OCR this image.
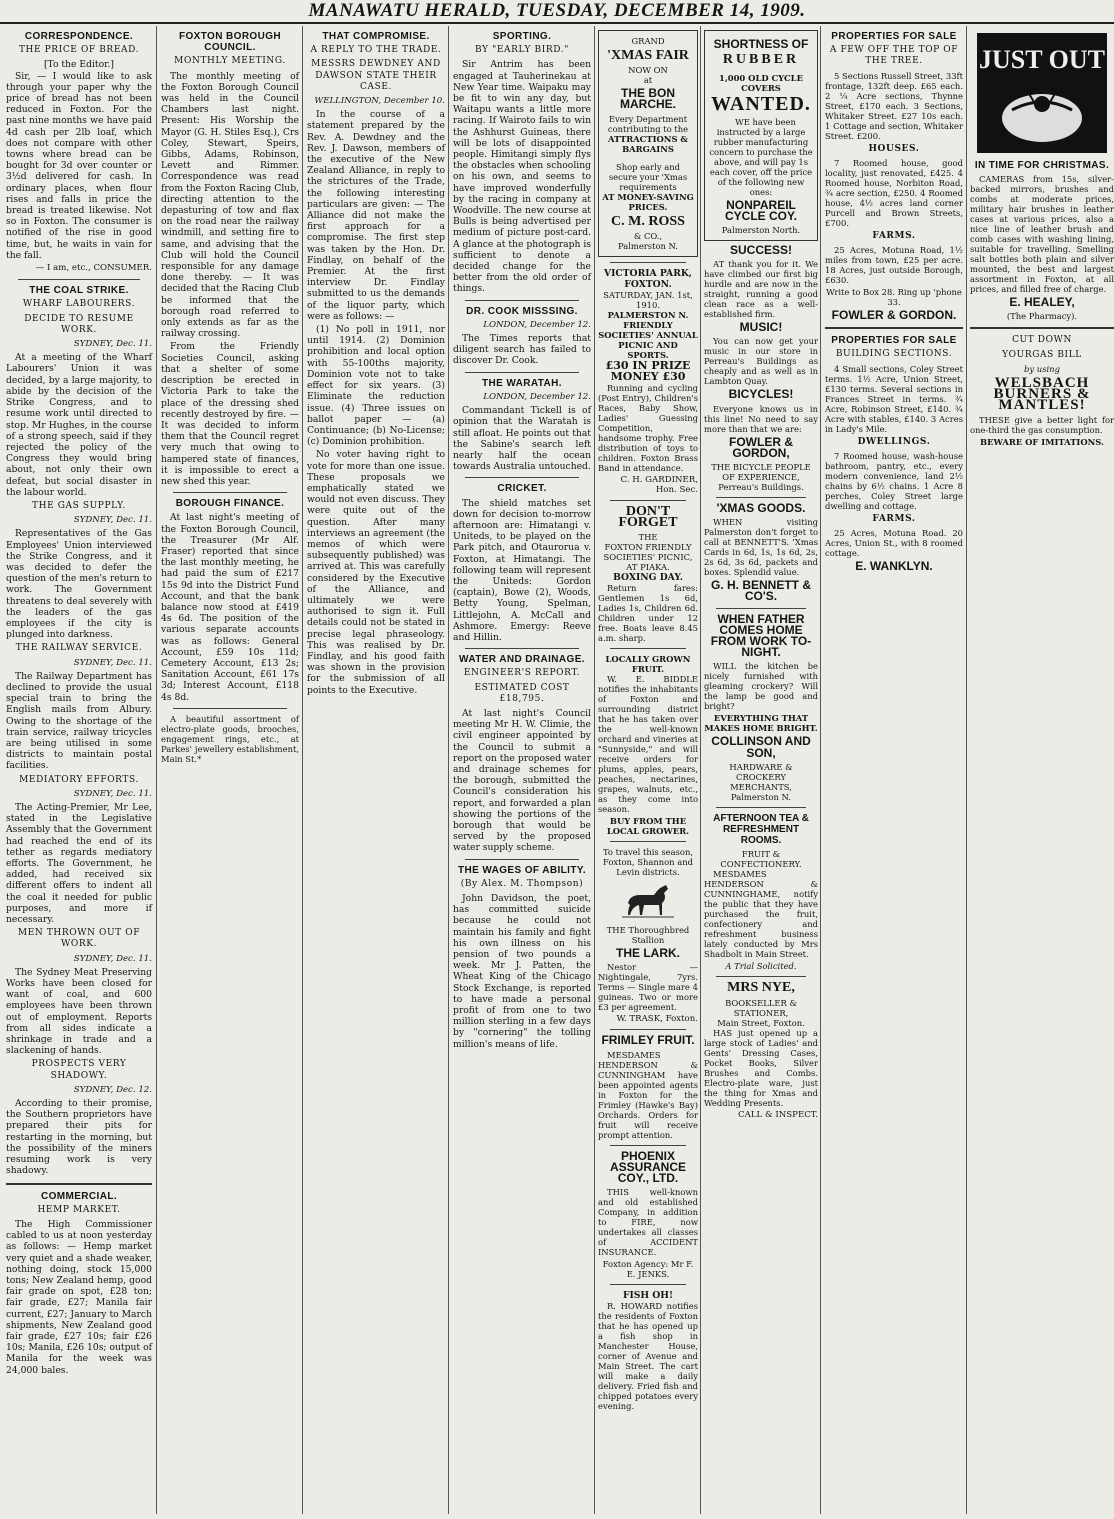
MANAWATU HERALD, TUESDAY, DECEMBER 14, 1909.
CORRESPONDENCE.
THE PRICE OF BREAD.
[To the Editor.]

Sir, — I would like to ask through your paper why the price of bread has not been reduced in Foxton. For the past nine months we have paid 4d cash per 2lb loaf, which does not compare with other towns where bread can be bought for 3d over counter or 3½d delivered for cash. In ordinary places, when flour rises and falls in price the bread is treated likewise. Not so in Foxton. The consumer is notified of the rise in good time, but, he waits in vain for the fall.

— I am, etc., CONSUMER.
THE COAL STRIKE.
WHARF LABOURERS.
DECIDE TO RESUME WORK.
SYDNEY, Dec. 11.

At a meeting of the Wharf Labourers' Union it was decided, by a large majority, to abide by the decision of the Strike Congress, and to resume work until directed to stop. Mr Hughes, in the course of a strong speech, said if they rejected the policy of the Congress they would bring about, not only their own defeat, but social disaster in the labour world.

THE GAS SUPPLY.
SYDNEY, Dec. 11.

Representatives of the Gas Employees' Union interviewed the Strike Congress, and it was decided to defer the question of the men's return to work. The Government threatens to deal severely with the leaders of the gas employees if the city is plunged into darkness.

THE RAILWAY SERVICE.
SYDNEY, Dec. 11.

The Railway Department has declined to provide the usual special train to bring the English mails from Albury. Owing to the shortage of the train service, railway tricycles are being utilised in some districts to maintain postal facilities.

MEDIATORY EFFORTS.
SYDNEY, Dec. 11.

The Acting-Premier, Mr Lee, stated in the Legislative Assembly that the Government had reached the end of its tether as regards mediatory efforts. The Government, he added, had received six different offers to indent all the coal it needed for public purposes, and more if necessary.

MEN THROWN OUT OF WORK.
SYDNEY, Dec. 11.

The Sydney Meat Preserving Works have been closed for want of coal, and 600 employees have been thrown out of employment. Reports from all sides indicate a shrinkage in trade and a slackening of hands.

PROSPECTS VERY SHADOWY.
SYDNEY, Dec. 12.

According to their promise, the Southern proprietors have prepared their pits for restarting in the morning, but the possibility of the miners resuming work is very shadowy.

COMMERCIAL.
HEMP MARKET.

The High Commissioner cabled to us at noon yesterday as follows: — Hemp market very quiet and a shade weaker, nothing doing, stock 15,000 tons; New Zealand hemp, good fair grade on spot, £28 ton; fair grade, £27; Manila fair current, £27; January to March shipments, New Zealand good fair grade, £27 10s; fair £26 10s; Manila, £26 10s; output of Manila for the week was 24,000 bales.

FOXTON BOROUGH COUNCIL.
MONTHLY MEETING.

The monthly meeting of the Foxton Borough Council was held in the Council Chambers last night. Present: His Worship the Mayor (G. H. Stiles Esq.), Crs Coley, Stewart, Speirs, Gibbs, Adams, Robinson, Levett and Rimmer. Correspondence was read from the Foxton Racing Club, directing attention to the depasturing of tow and flax on the road near the railway windmill, and setting fire to same, and advising that the Club will hold the Council responsible for any damage done thereby. — It was decided that the Racing Club be informed that the borough road referred to only extends as far as the railway crossing.

From the Friendly Societies Council, asking that a shelter of some description be erected in Victoria Park to take the place of the dressing shed recently destroyed by fire. — It was decided to inform them that the Council regret very much that owing to hampered state of finances, it is impossible to erect a new shed this year.

BOROUGH FINANCE.

At last night's meeting of the Foxton Borough Council, the Treasurer (Mr Alf. Fraser) reported that since the last monthly meeting, he had paid the sum of £217 15s 9d into the District Fund Account, and that the bank balance now stood at £419 4s 6d. The position of the various separate accounts was as follows: General Account, £59 10s 11d; Cemetery Account, £13 2s; Sanitation Account, £61 17s 3d; Interest Account, £118 4s 8d.

A beautiful assortment of electro-plate goods, brooches, engagement rings, etc., at Parkes' jewellery establishment, Main St.*

THAT COMPROMISE.
A REPLY TO THE TRADE.
MESSRS DEWDNEY AND DAWSON STATE THEIR CASE.
WELLINGTON, December 10.

In the course of a statement prepared by the Rev. A. Dewdney and the Rev. J. Dawson, members of the executive of the New Zealand Alliance, in reply to the strictures of the Trade, the following interesting particulars are given: — The Alliance did not make the first approach for a compromise. The first step was taken by the Hon. Dr. Findlay, on behalf of the Premier. At the first interview Dr. Findlay submitted to us the demands of the liquor party, which were as follows: —

(1) No poll in 1911, nor until 1914. (2) Dominion prohibition and local option with 55-100ths majority, Dominion vote not to take effect for six years. (3) Eliminate the reduction issue. (4) Three issues on ballot paper — (a) Continuance; (b) No-License; (c) Dominion prohibition.

No voter having right to vote for more than one issue. These proposals we emphatically stated we would not even discuss. They were quite out of the question. After many interviews an agreement (the memos of which were subsequently published) was arrived at. This was carefully considered by the Executive of the Alliance, and ultimately we were authorised to sign it. Full details could not be stated in precise legal phraseology. This was realised by Dr. Findlay, and his good faith was shown in the provision for the submission of all points to the Executive.

SPORTING.
BY "EARLY BIRD."

Sir Antrim has been engaged at Tauherinekau at New Year time. Waipaku may be fit to win any day, but Waitapu wants a little more racing. If Wairoto fails to win the Ashhurst Guineas, there will be lots of disappointed people. Himitangi simply flys the obstacles when schooling on his own, and seems to have improved wonderfully by the racing in company at Woodville. The new course at Bulls is being advertised per medium of picture post-card. A glance at the photograph is sufficient to denote a decided change for the better from the old order of things.

DR. COOK MISSSING.
LONDON, December 12.

The Times reports that diligent search has failed to discover Dr. Cook.

THE WARATAH.
LONDON, December 12.

Commandant Tickell is of opinion that the Waratah is still afloat. He points out that the Sabine's search left nearly half the ocean towards Australia untouched.

CRICKET.

The shield matches set down for decision to-morrow afternoon are: Himatangi v. Uniteds, to be played on the Park pitch, and Otaurorua v. Foxton, at Himatangi. The following team will represent the Uniteds: Gordon (captain), Bowe (2), Woods, Betty Young, Spelman, Littlejohn, A. McCall and Ashmore. Emergy: Reeve and Hillin.

WATER AND DRAINAGE.
ENGINEER'S REPORT.
ESTIMATED COST £18,795.

At last night's Council meeting Mr H. W. Climie, the civil engineer appointed by the Council to submit a report on the proposed water and drainage schemes for the borough, submitted the Council's consideration his report, and forwarded a plan showing the portions of the borough that would be served by the proposed water supply scheme.

THE WAGES OF ABILITY.
(By Alex. M. Thompson)

John Davidson, the poet, has committed suicide because he could not maintain his family and fight his own illness on his pension of two pounds a week. Mr J. Patten, the Wheat King of the Chicago Stock Exchange, is reported to have made a personal profit of from one to two million sterling in a few days by "cornering" the tolling million's means of life.

GRAND
'XMAS FAIR
NOW ON
at
THE BON MARCHE.
Every Department contributing to the
ATTRACTIONS & BARGAINS
Shop early and secure your 'Xmas requirements
AT MONEY-SAVING PRICES.
C. M. ROSS
& CO.,
Palmerston N.
VICTORIA PARK, FOXTON.
SATURDAY, JAN. 1st, 1910.
PALMERSTON N. FRIENDLY SOCIETIES' ANNUAL PICNIC AND SPORTS.
£30 IN PRIZE MONEY £30

Running and cycling (Post Entry), Children's Races, Baby Show, Ladies' Guessing Competition, handsome trophy. Free distribution of toys to children. Foxton Brass Band in attendance.

C. H. GARDINER, Hon. Sec.
DON'T FORGET
THE
FOXTON FRIENDLY SOCIETIES' PICNIC, AT PIAKA.
BOXING DAY.

Return fares: Gentlemen 1s 6d, Ladies 1s, Children 6d. Children under 12 free. Boats leave 8.45 a.m. sharp.

LOCALLY GROWN FRUIT.

W. E. BIDDLE notifies the inhabitants of Foxton and surrounding district that he has taken over the well-known orchard and vineries at "Sunnyside," and will receive orders for plums, apples, pears, peaches, nectarines, grapes, walnuts, etc., as they come into season.

BUY FROM THE LOCAL GROWER.
To travel this season, Foxton, Shannon and Levin districts.
THE Thoroughbred Stallion
THE LARK.

Nestor — Nightingale, 7yrs. Terms — Single mare 4 guineas. Two or more £3 per agreement.

W. TRASK, Foxton.
FRIMLEY FRUIT.

MESDAMES HENDERSON & CUNNINGHAM have been appointed agents in Foxton for the Frimley (Hawke's Bay) Orchards. Orders for fruit will receive prompt attention.

PHOENIX ASSURANCE COY., LTD.

THIS well-known and old established Company, in addition to FIRE, now undertakes all classes of ACCIDENT INSURANCE.

Foxton Agency: Mr F. E. JENKS.
FISH OH!

R. HOWARD notifies the residents of Foxton that he has opened up a fish shop in Manchester House, corner of Avenue and Main Street. The cart will make a daily delivery. Fried fish and chipped potatoes every evening.

SHORTNESS OF
RUBBER
1,000 OLD CYCLE COVERS
WANTED.

WE have been instructed by a large rubber manufacturing concern to purchase the above, and will pay 1s each cover, off the price of the following new ones:

NONPAREIL CYCLE COY.
Palmerston North.
SUCCESS!

AT thank you for it. We have climbed our first big hurdle and are now in the straight, running a good clean race as a well-established firm.

MUSIC!

You can now get your music in our store in Perreau's Buildings as cheaply and as well as in Lambton Quay.

BICYCLES!

Everyone knows us in this line! No need to say more than that we are:

FOWLER & GORDON,
THE BICYCLE PEOPLE OF EXPERIENCE,
Perreau's Buildings.
'XMAS GOODS.

WHEN visiting Palmerston don't forget to call at BENNETT'S. 'Xmas Cards in 6d, 1s, 1s 6d, 2s, 2s 6d, 3s 6d, packets and boxes. Splendid value.

G. H. BENNETT & CO'S.
WHEN FATHER COMES HOME FROM WORK TO-NIGHT.

WILL the kitchen be nicely furnished with gleaming crockery? Will the lamp be good and bright?

EVERYTHING THAT MAKES HOME BRIGHT.
COLLINSON AND SON,
HARDWARE & CROCKERY MERCHANTS,
Palmerston N.
AFTERNOON TEA & REFRESHMENT ROOMS.
FRUIT & CONFECTIONERY.

MESDAMES HENDERSON & CUNNINGHAME, notify the public that they have purchased the fruit, confectionery and refreshment business lately conducted by Mrs Shadbolt in Main Street.

A Trial Solicited.
MRS NYE,
BOOKSELLER & STATIONER,
Main Street, Foxton.

HAS just opened up a large stock of Ladies' and Gents' Dressing Cases, Pocket Books, Silver Brushes and Combs. Electro-plate ware, just the thing for Xmas and Wedding Presents.

CALL & INSPECT.
PROPERTIES FOR SALE
A FEW OFF THE TOP OF THE TREE.

5 Sections Russell Street, 33ft frontage, 132ft deep. £65 each. 2 ¼ Acre sections, Thynne Street, £170 each. 3 Sections, Whitaker Street. £27 10s each. 1 Cottage and section, Whitaker Street. £200.

HOUSES.

7 Roomed house, good locality, just renovated, £425. 4 Roomed house, Norbiton Road, ¾ acre section, £250. 4 Roomed house, 4½ acres land corner Purcell and Brown Streets, £700.

FARMS.

25 Acres, Motuna Road, 1½ miles from town, £25 per acre. 18 Acres, just outside Borough, £630.

Write to Box 28. Ring up 'phone 33.
FOWLER & GORDON.
PROPERTIES FOR SALE
BUILDING SECTIONS.

4 Small sections, Coley Street terms. 1½ Acre, Union Street, £130 terms. Several sections in Frances Street in terms. ¾ Acre, Robinson Street, £140. ¾ Acre with stables, £140. 3 Acres in Lady's Mile.

DWELLINGS.

7 Roomed house, wash-house bathroom, pantry, etc., every modern convenience, land 2½ chains by 6½ chains. 1 Acre 8 perches, Coley Street large dwelling and cottage.

FARMS.

25 Acres, Motuna Road. 20 Acres, Union St., with 8 roomed cottage.

E. WANKLYN.
JUST OUT
IN TIME FOR CHRISTMAS.

CAMERAS from 15s, silver-backed mirrors, brushes and combs at moderate prices, military hair brushes in leather cases at various prices, also a nice line of leather brush and comb cases with washing lining, suitable for travelling. Smelling salt bottles both plain and silver mounted, the best and largest assortment in Foxton, at all prices, and filled free of charge.

E. HEALEY,
(The Pharmacy).
CUT DOWN
YOURGAS BILL
by using
WELSBACH BURNERS & MANTLES!

THESE give a better light for one-third the gas consumption.

BEWARE OF IMITATIONS.
